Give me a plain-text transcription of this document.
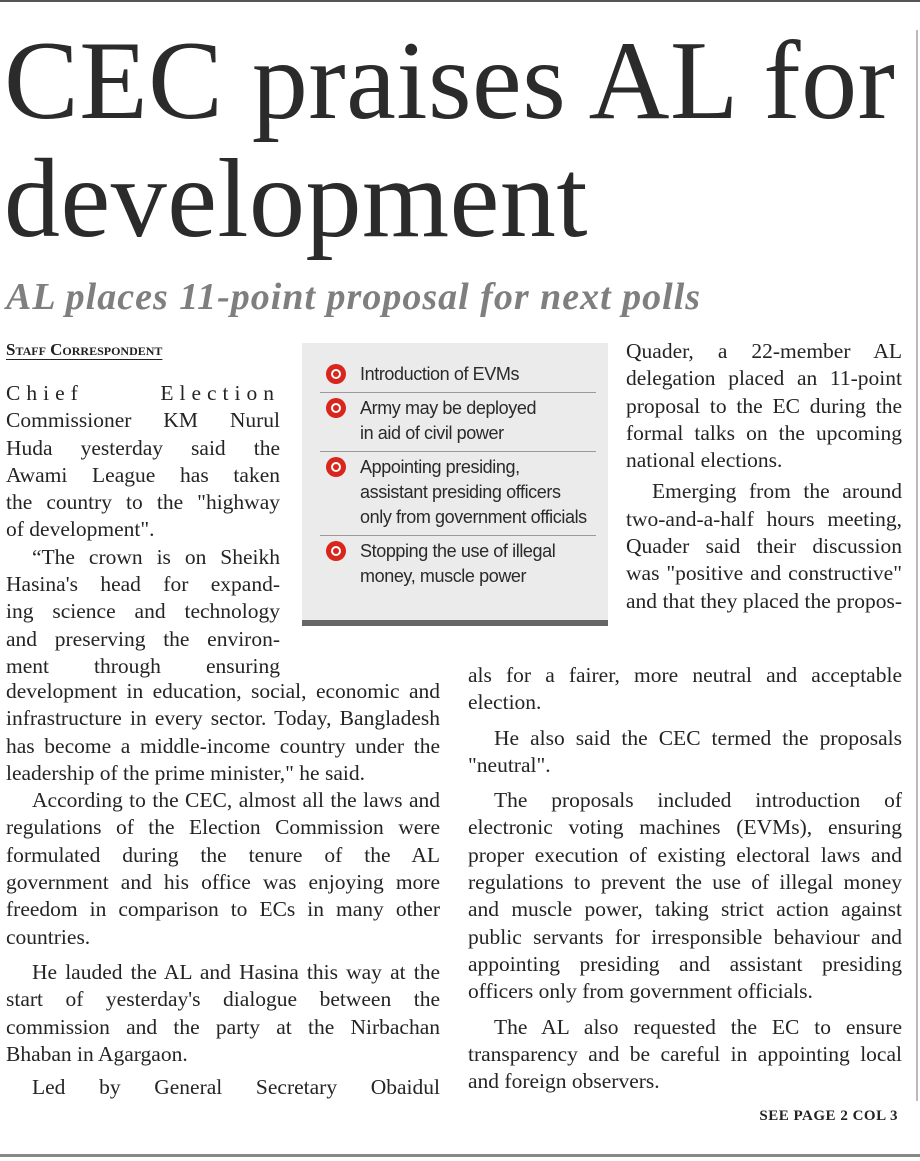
CEC praises AL for development
AL places 11-point proposal for next polls
Staff Correspondent
Chief Election
Commissioner KM Nurul
Huda yesterday said the
Awami League has taken
the country to the "highway
of development".
“The crown is on Sheikh
Hasina's head for expand-
ing science and technology
and preserving the environ-
ment through ensuring

development in education, social, economic and infrastructure in every sector. Today, Bangladesh has become a middle-income country under the leadership of the prime minister," he said.

According to the CEC, almost all the laws and regulations of the Election Commission were formulated during the tenure of the AL government and his office was enjoying more freedom in comparison to ECs in many other countries.

He lauded the AL and Hasina this way at the start of yesterday's dialogue between the commission and the party at the Nirbachan Bhaban in Agargaon.

Led by General Secretary Obaidul

Introduction of EVMs
Army may be deployed in aid of civil power
Appointing presiding, assistant presiding officers only from government officials
Stopping the use of illegal money, muscle power

Quader, a 22-member AL delegation placed an 11-point proposal to the EC during the formal talks on the upcoming national elections.

Emerging from the around two-and-a-half hours meeting, Quader said their discussion was "positive and constructive" and that they placed the propos-

als for a fairer, more neutral and acceptable election.

He also said the CEC termed the proposals "neutral".

The proposals included introduction of electronic voting machines (EVMs), ensuring proper execution of existing electoral laws and regulations to prevent the use of illegal money and muscle power, taking strict action against public servants for irresponsible behaviour and appointing presiding and assistant presiding officers only from government officials.

The AL also requested the EC to ensure transparency and be careful in appointing local and foreign observers.

SEE PAGE 2 COL 3
